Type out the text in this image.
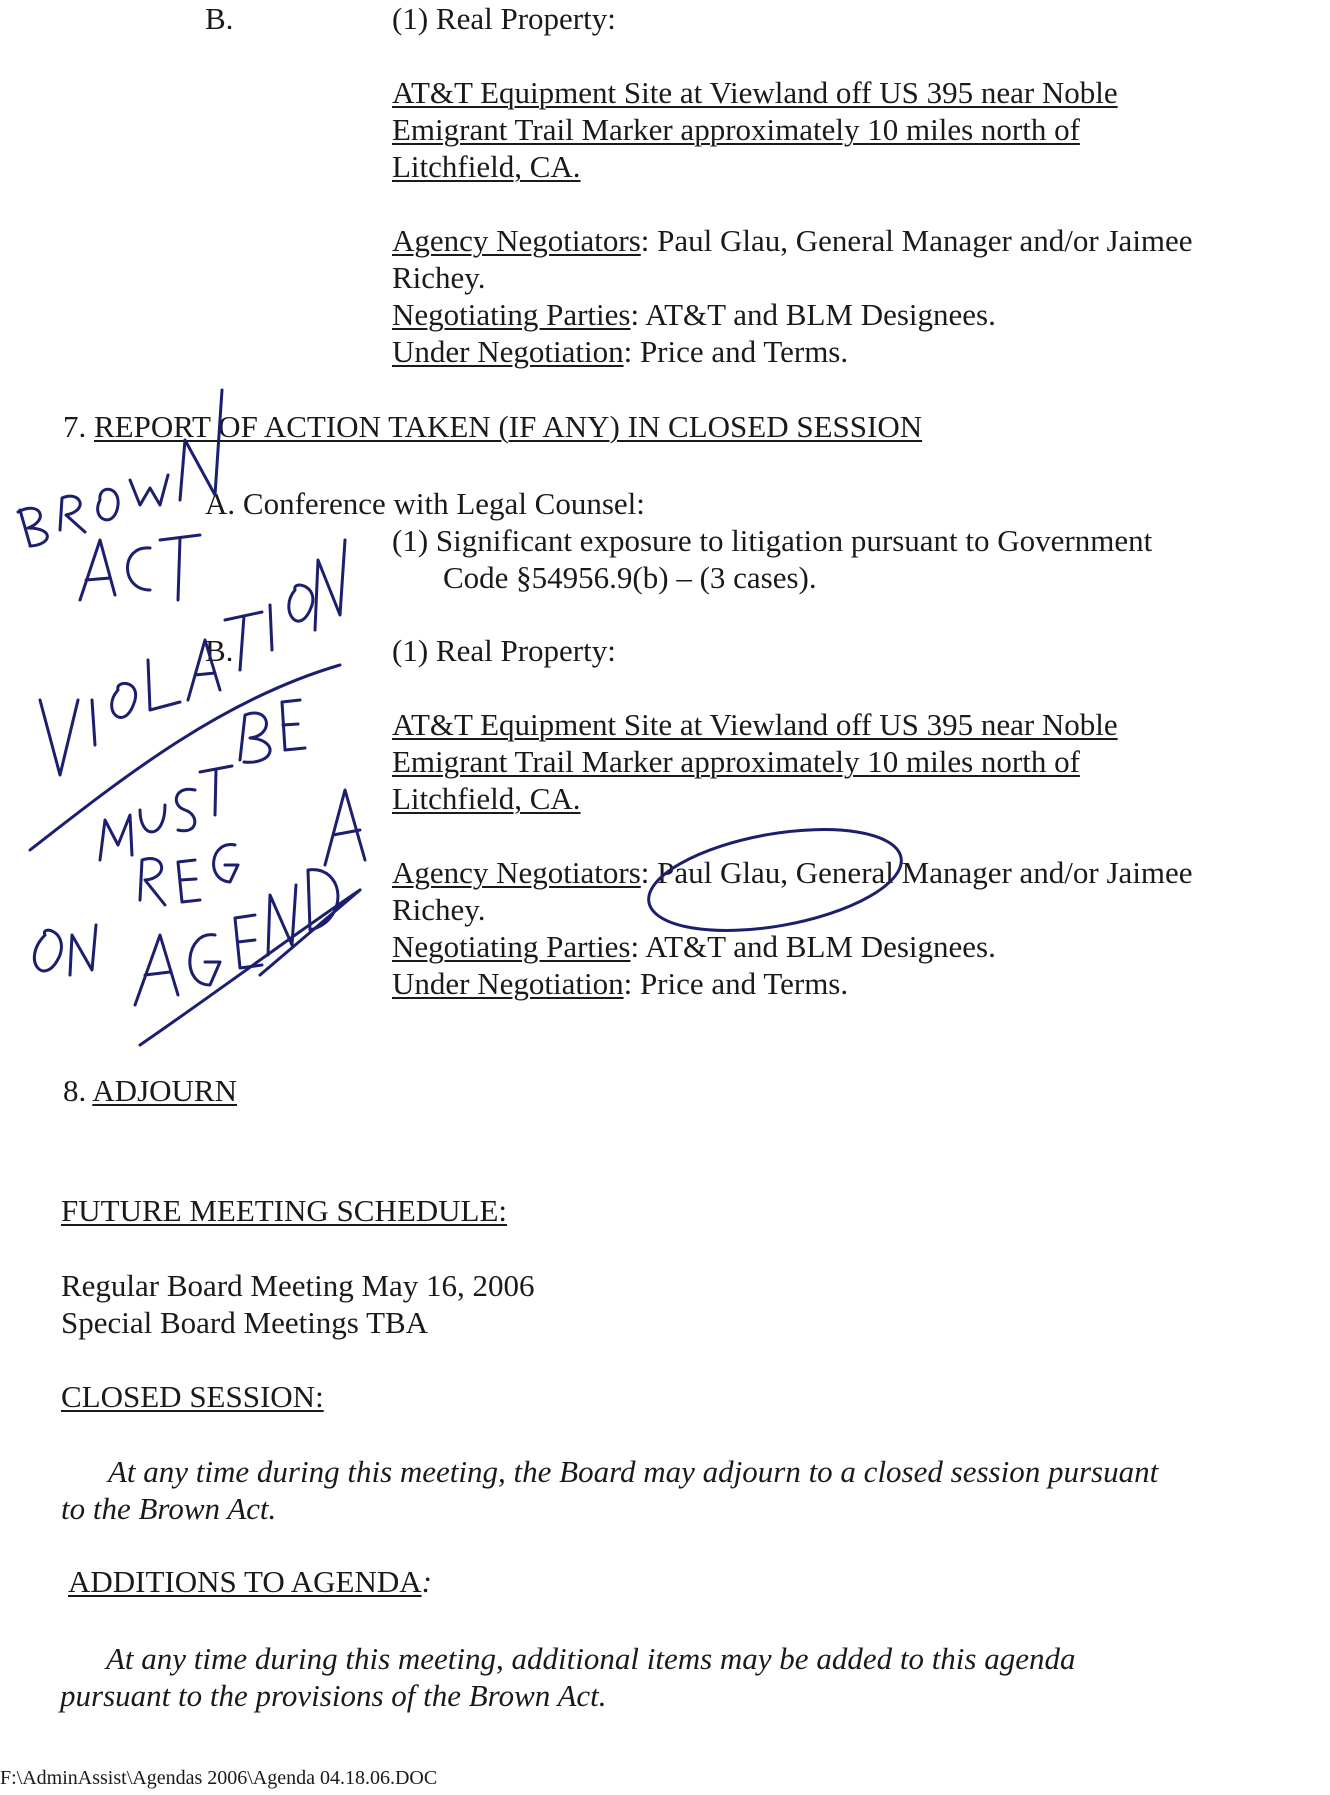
B.	(1) Real Property:

AT&T Equipment Site at Viewland off US 395 near Noble

Emigrant Trail Marker approximately 10 miles north of

Litchfield, CA.

Agency Negotiators: Paul Glau, General Manager and/or Jaimee

Richey.

Negotiating Parties: AT&T and BLM Designees.

Under Negotiation: Price and Terms.

7. REPORT OF ACTION TAKEN (IF ANY) IN CLOSED SESSION
A. Conference with Legal Counsel:
(1) Significant exposure to litigation pursuant to Government
Code §54956.9(b) – (3 cases).
B.	(1) Real Property:

AT&T Equipment Site at Viewland off US 395 near Noble

Emigrant Trail Marker approximately 10 miles north of

Litchfield, CA.

Agency Negotiators: Paul Glau, General Manager and/or Jaimee

Richey.

Negotiating Parties: AT&T and BLM Designees.

Under Negotiation: Price and Terms.

8. ADJOURN
FUTURE MEETING SCHEDULE:
Regular Board Meeting May 16, 2006
Special Board Meetings TBA
CLOSED SESSION:
At any time during this meeting, the Board may adjourn to a closed session pursuant
to the Brown Act.
ADDITIONS TO AGENDA:
At any time during this meeting, additional items may be added to this agenda
pursuant to the provisions of the Brown Act.
F:\AdminAssist\Agendas 2006\Agenda 04.18.06.DOC
